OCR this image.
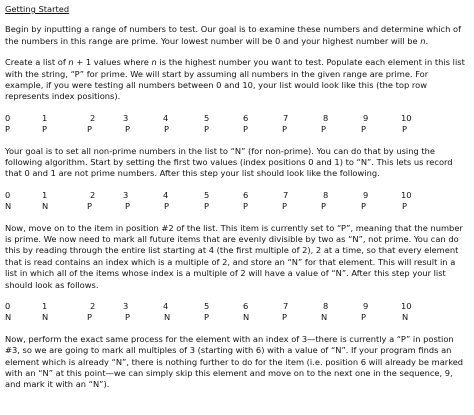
Getting Started
Begin by inputting a range of numbers to test. Our goal is to examine these numbers and determine which of the numbers in this range are prime. Your lowest number will be 0 and your highest number will be n.
Create a list of n + 1 values where n is the highest number you want to test. Populate each element in this list with the string, “P” for prime. We will start by assuming all numbers in the given range are prime. For example, if you were testing all numbers between 0 and 10, your list would look like this (the top row represents index positions).
0	1	2	3	4	5	6	7	8	9	10
P	P	P	P	P	P	P	P	P	P	P
Your goal is to set all non-prime numbers in the list to “N” (for non-prime). You can do that by using the following algorithm. Start by setting the first two values (index positions 0 and 1) to “N”. This lets us record that 0 and 1 are not prime numbers. After this step your list should look like the following.
0	1	2	3	4	5	6	7	8	9	10
N	N	P	P	P	P	P	P	P	P	P
Now, move on to the item in position #2 of the list. This item is currently set to “P”, meaning that the number is prime. We now need to mark all future items that are evenly divisible by two as “N”, not prime. You can do this by reading through the entire list starting at 4 (the first multiple of 2), 2 at a time, so that every element that is read contains an index which is a multiple of 2, and store an “N” for that element. This will result in a list in which all of the items whose index is a multiple of 2 will have a value of “N”. After this step your list should look as follows.
0	1	2	3	4	5	6	7	8	9	10
N	N	P	P	N	P	N	P	N	P	N
Now, perform the exact same process for the element with an index of 3—there is currently a “P” in postion #3, so we are going to mark all multiples of 3 (starting with 6) with a value of “N”. If your program finds an element which is already “N”, there is nothing further to do for the item (i.e. position 6 will already be marked with an “N” at this point—we can simply skip this element and move on to the next one in the sequence, 9, and mark it with an “N”).
